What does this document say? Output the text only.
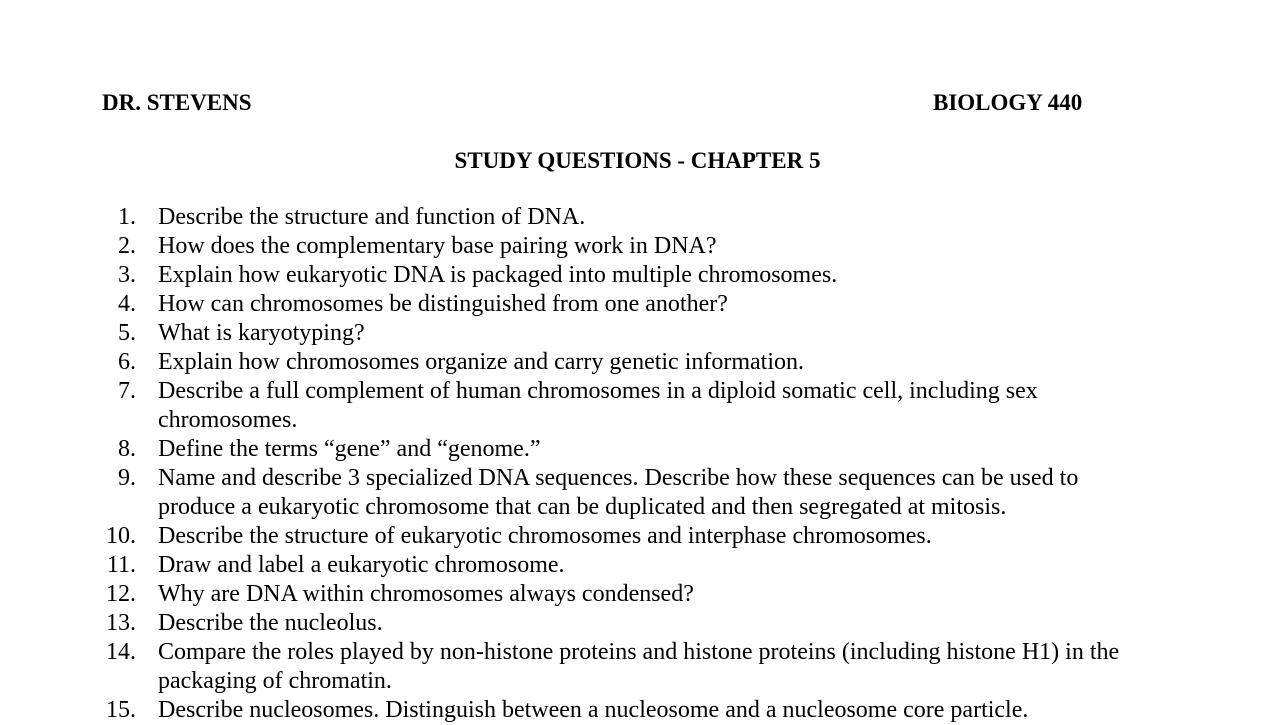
DR. STEVENS	BIOLOGY 440
STUDY QUESTIONS - CHAPTER 5
1. Describe the structure and function of DNA.
2. How does the complementary base pairing work in DNA?
3. Explain how eukaryotic DNA is packaged into multiple chromosomes.
4. How can chromosomes be distinguished from one another?
5. What is karyotyping?
6. Explain how chromosomes organize and carry genetic information.
7. Describe a full complement of human chromosomes in a diploid somatic cell, including sex
chromosomes.
8. Define the terms “gene” and “genome.”
9. Name and describe 3 specialized DNA sequences. Describe how these sequences can be used to
produce a eukaryotic chromosome that can be duplicated and then segregated at mitosis.
10. Describe the structure of eukaryotic chromosomes and interphase chromosomes.
11. Draw and label a eukaryotic chromosome.
12. Why are DNA within chromosomes always condensed?
13. Describe the nucleolus.
14. Compare the roles played by non-histone proteins and histone proteins (including histone H1) in the
packaging of chromatin.
15. Describe nucleosomes. Distinguish between a nucleosome and a nucleosome core particle.
